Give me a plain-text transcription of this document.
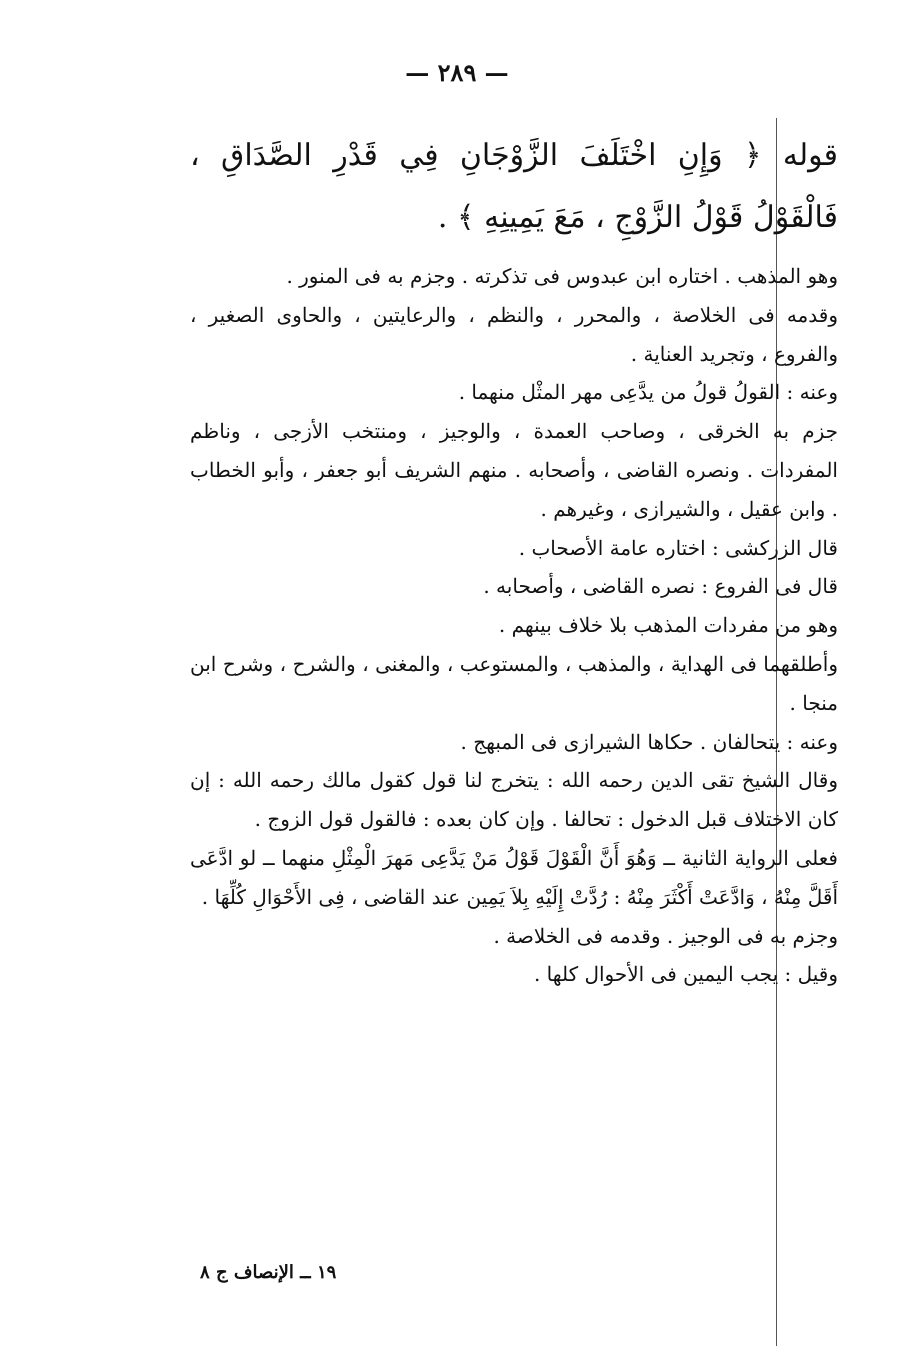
— ٢٨٩ —

قوله ﴿ وَإِنِ اخْتَلَفَ الزَّوْجَانِ فِي قَدْرِ الصَّدَاقِ ، فَالْقَوْلُ قَوْلُ الزَّوْجِ ، مَعَ يَمِينِهِ ﴾ .

وهو المذهب . اختاره ابن عبدوس فى تذكرته . وجزم به فى المنور .

وقدمه فى الخلاصة ، والمحرر ، والنظم ، والرعايتين ، والحاوى الصغير ، والفروع ، وتجريد العناية .

وعنه : القولُ قولُ من يدَّعِى مهر المثْل منهما .

جزم به الخرقى ، وصاحب العمدة ، والوجيز ، ومنتخب الأزجى ، وناظم المفردات . ونصره القاضى ، وأصحابه . منهم الشريف أبو جعفر ، وأبو الخطاب . وابن عقيل ، والشيرازى ، وغيرهم .

قال الزركشى : اختاره عامة الأصحاب .

قال فى الفروع : نصره القاضى ، وأصحابه .

وهو من مفردات المذهب بلا خلاف بينهم .

وأطلقهما فى الهداية ، والمذهب ، والمستوعب ، والمغنى ، والشرح ، وشرح ابن منجا .

وعنه : يتحالفان . حكاها الشيرازى فى المبهج .

وقال الشيخ تقى الدين رحمه الله : يتخرج لنا قول كقول مالك رحمه الله : إن كان الاختلاف قبل الدخول : تحالفا . وإن كان بعده : فالقول قول الزوج .

فعلى الرواية الثانية ــ وَهُوَ أَنَّ الْقَوْلَ قَوْلُ مَنْ يَدَّعِى مَهرَ الْمِثْلِ منهما ــ لو ادَّعَى أَقَلَّ مِنْهُ ، وَادَّعَتْ أَكْثَرَ مِنْهُ : رُدَّتْ إِلَيْهِ بِلاَ يَمِين عند القاضى ، فِى الأَحْوَالِ كُلِّهَا .

وجزم به فى الوجيز . وقدمه فى الخلاصة .

وقيل : يجب اليمين فى الأحوال كلها .

١٩ ــ الإنصاف ج ٨
